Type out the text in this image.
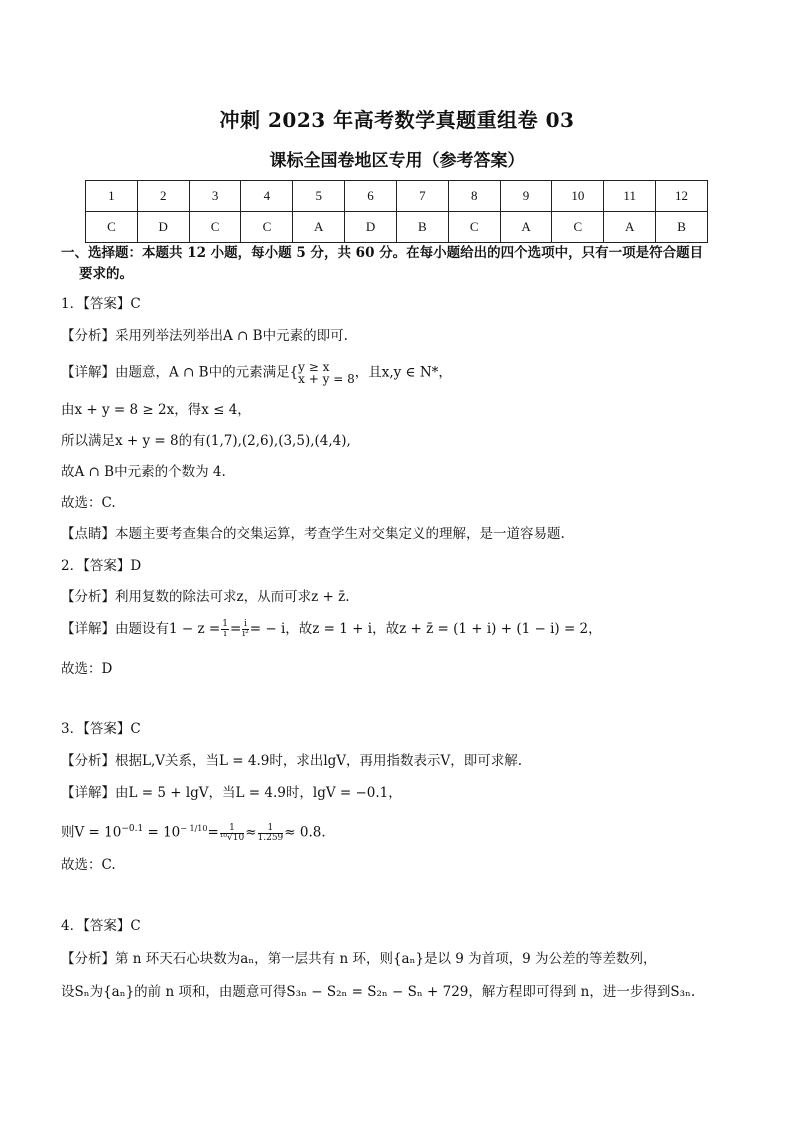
冲刺 2023 年高考数学真题重组卷 03
课标全国卷地区专用（参考答案）
1	2	3	4	5	6	7	8	9	10	11	12
C	D	C	C	A	D	B	C	A	C	A	B
一、选择题：本题共 12 小题，每小题 5 分，共 60 分。在每小题给出的四个选项中，只有一项是符合题目
要求的。
1．【答案】C
【分析】采用列举法列举出A ∩ B中元素的即可.
【详解】由题意，A ∩ B中的元素满足{ y ≥ x
x + y = 8 ，且x,y ∈ N*，
由x + y = 8 ≥ 2x，得x ≤ 4，
所以满足x + y = 8的有(1,7),(2,6),(3,5),(4,4),
故A ∩ B中元素的个数为 4.
故选：C.
【点睛】本题主要考查集合的交集运算，考查学生对交集定义的理解，是一道容易题.
2．【答案】D
【分析】利用复数的除法可求z，从而可求z + z̄.
【详解】由题设有$1 - z = \frac{1}{i} = \frac{i}{\text{i²}}$ = − i，故z = 1 + i，故z + z̄ = (1 + i) + (1 − i) = 2，
故选：D
3．【答案】C
【分析】根据L,V关系，当L = 4.9时，求出lgV，再用指数表示V，即可求解.
【详解】由L = 5 + lgV，当L = 4.9时，lgV = −0.1，
则$V = 10^{-0.1} = 10^{- 1/10}= \frac{1}{\text{¹⁰√10}} \approx \frac{1}{1.259} \approx 0.8$.
故选：C.
4．【答案】C
【分析】第 n 环天石心块数为aₙ，第一层共有 n 环，则{aₙ}是以 9 为首项，9 为公差的等差数列，
设Sₙ为{aₙ}的前 n 项和，由题意可得S₃ₙ − S₂ₙ = S₂ₙ − Sₙ + 729，解方程即可得到 n，进一步得到S₃ₙ.
